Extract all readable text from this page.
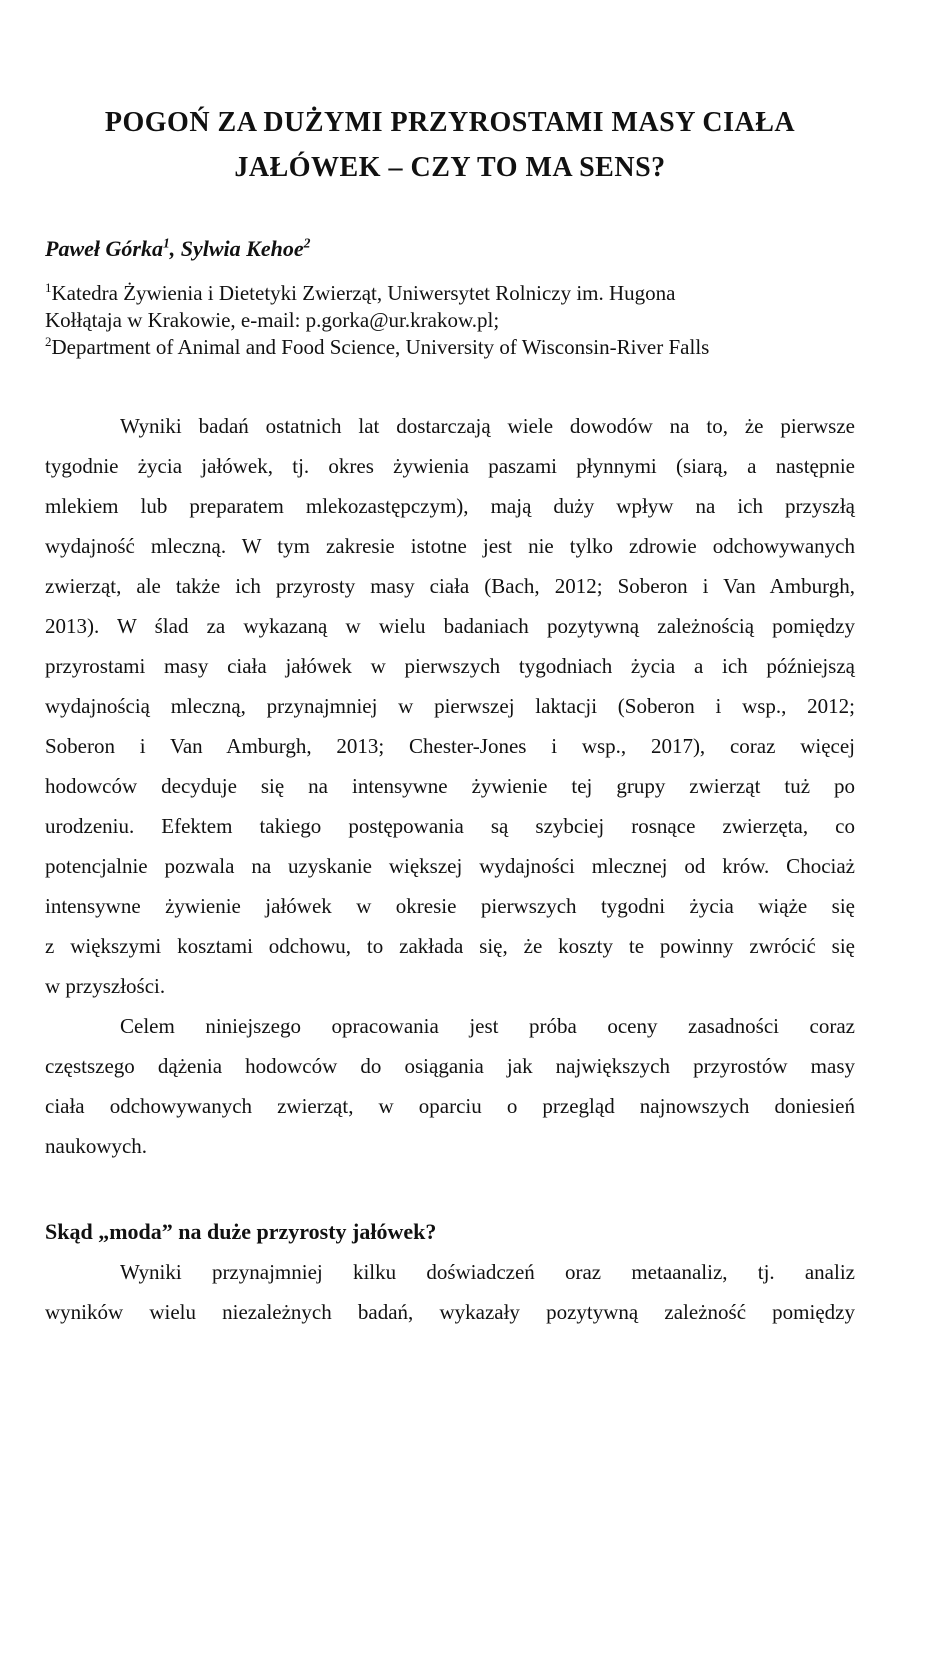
POGOŃ ZA DUŻYMI PRZYROSTAMI MASY CIAŁA
JAŁÓWEK – CZY TO MA SENS?
Paweł Górka$^1$, Sylwia Kehoe$^2$
$^1$Katedra Żywienia i Dietetyki Zwierząt, Uniwersytet Rolniczy im. Hugona
Kołłątaja w Krakowie, e-mail: p.gorka@ur.krakow.pl;
$^2$Department of Animal and Food Science, University of Wisconsin-River Falls
Wyniki badań ostatnich lat dostarczają wiele dowodów na to, że pierwsze
tygodnie życia jałówek, tj. okres żywienia paszami płynnymi (siarą, a następnie
mlekiem lub preparatem mlekozastępczym), mają duży wpływ na ich przyszłą
wydajność mleczną. W tym zakresie istotne jest nie tylko zdrowie odchowywanych
zwierząt, ale także ich przyrosty masy ciała (Bach, 2012; Soberon i Van Amburgh,
2013). W ślad za wykazaną w wielu badaniach pozytywną zależnością pomiędzy
przyrostami masy ciała jałówek w pierwszych tygodniach życia a ich późniejszą
wydajnością mleczną, przynajmniej w pierwszej laktacji (Soberon i wsp., 2012;
Soberon i Van Amburgh, 2013; Chester-Jones i wsp., 2017), coraz więcej
hodowców decyduje się na intensywne żywienie tej grupy zwierząt tuż po
urodzeniu. Efektem takiego postępowania są szybciej rosnące zwierzęta, co
potencjalnie pozwala na uzyskanie większej wydajności mlecznej od krów. Chociaż
intensywne żywienie jałówek w okresie pierwszych tygodni życia wiąże się
z większymi kosztami odchowu, to zakłada się, że koszty te powinny zwrócić się
w przyszłości.
Celem niniejszego opracowania jest próba oceny zasadności coraz
częstszego dążenia hodowców do osiągania jak największych przyrostów masy
ciała odchowywanych zwierząt, w oparciu o przegląd najnowszych doniesień
naukowych.
Skąd „moda” na duże przyrosty jałówek?
Wyniki przynajmniej kilku doświadczeń oraz metaanaliz, tj. analiz
wyników wielu niezależnych badań, wykazały pozytywną zależność pomiędzy
